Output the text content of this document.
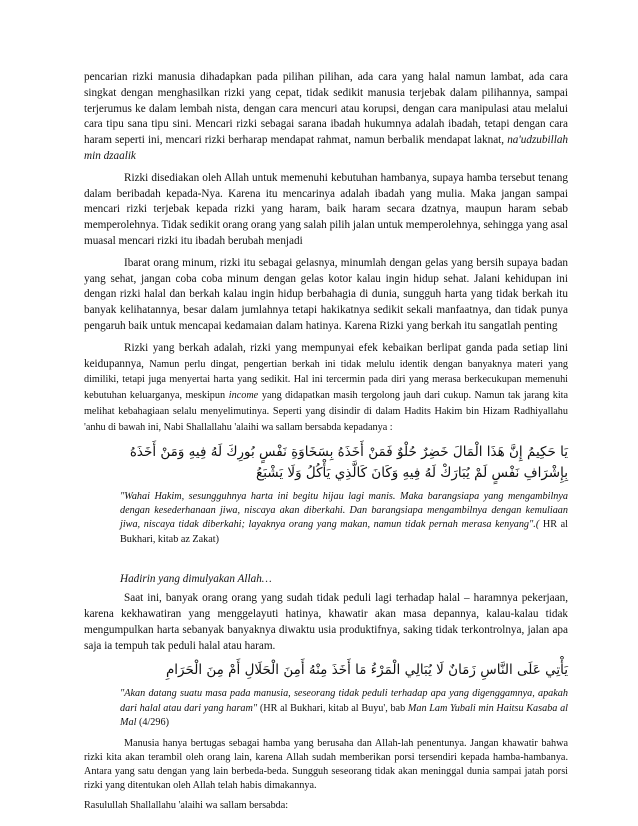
pencarian rizki manusia dihadapkan pada pilihan pilihan, ada cara yang halal namun lambat, ada cara singkat dengan menghasilkan rizki yang cepat, tidak sedikit manusia terjebak dalam pilihannya, sampai terjerumus ke dalam lembah nista, dengan cara mencuri atau korupsi, dengan cara manipulasi atau melalui cara tipu sana tipu sini. Mencari rizki sebagai sarana ibadah hukumnya adalah ibadah, tetapi dengan cara haram seperti ini, mencari rizki berharap mendapat rahmat, namun berbalik mendapat laknat, na'udzubillah min dzaalik

Rizki disediakan oleh Allah untuk memenuhi kebutuhan hambanya, supaya hamba tersebut tenang dalam beribadah kepada-Nya. Karena itu mencarinya adalah ibadah yang mulia. Maka jangan sampai mencari rizki terjebak kepada rizki yang haram, baik haram secara dzatnya, maupun haram sebab memperolehnya. Tidak sedikit orang orang yang salah pilih jalan untuk memperolehnya, sehingga yang asal muasal mencari rizki itu ibadah berubah menjadi

Ibarat orang minum, rizki itu sebagai gelasnya, minumlah dengan gelas yang bersih supaya badan yang sehat, jangan coba coba minum dengan gelas kotor kalau ingin hidup sehat. Jalani kehidupan ini dengan rizki halal dan berkah kalau ingin hidup berbahagia di dunia, sungguh harta yang tidak berkah itu banyak kelihatannya, besar dalam jumlahnya tetapi hakikatnya sedikit sekali manfaatnya, dan tidak punya pengaruh baik untuk mencapai kedamaian dalam hatinya. Karena Rizki yang berkah itu sangatlah penting

Rizki yang berkah adalah, rizki yang mempunyai efek kebaikan berlipat ganda pada setiap lini keidupannya, Namun perlu dingat, pengertian berkah ini tidak melulu identik dengan banyaknya materi yang dimiliki, tetapi juga menyertai harta yang sedikit. Hal ini tercermin pada diri yang merasa berkecukupan memenuhi kebutuhan keluarganya, meskipun income yang didapatkan masih tergolong jauh dari cukup. Namun tak jarang kita melihat kebahagiaan selalu menyelimutinya. Seperti yang disindir di dalam Hadits Hakim bin Hizam Radhiyallahu 'anhu di bawah ini, Nabi Shallallahu 'alaihi wa sallam bersabda kepadanya :

يَا حَكِيمُ إِنَّ هَذَا الْمَالَ خَضِرٌ حُلْوٌ فَمَنْ أَخَذَهُ بِسَخَاوَةِ نَفْسٍ بُورِكَ لَهُ فِيهِ وَمَنْ أَخَذَهُ بِإِشْرَافِ نَفْسٍ لَمْ يُبَارَكْ لَهُ فِيهِ وَكَانَ كَالَّذِي يَأْكُلُ وَلَا يَشْبَعُ

"Wahai Hakim, sesungguhnya harta ini begitu hijau lagi manis. Maka barangsiapa yang mengambilnya dengan kesederhanaan jiwa, niscaya akan diberkahi. Dan barangsiapa mengambilnya dengan kemuliaan jiwa, niscaya tidak diberkahi; layaknya orang yang makan, namun tidak pernah merasa kenyang".( HR al Bukhari, kitab az Zakat)

Hadirin yang dimulyakan Allah…

Saat ini, banyak orang orang yang sudah tidak peduli lagi terhadap halal – haramnya pekerjaan, karena kekhawatiran yang menggelayuti hatinya, khawatir akan masa depannya, kalau-kalau tidak mengumpulkan harta sebanyak banyaknya diwaktu usia produktifnya, saking tidak terkontrolnya, jalan apa saja ia tempuh tak peduli halal atau haram.

يَأْتِي عَلَى النَّاسِ زَمَانٌ لَا يُبَالِي الْمَرْءُ مَا أَخَذَ مِنْهُ أَمِنَ الْحَلَالِ أَمْ مِنَ الْحَرَامِ

"Akan datang suatu masa pada manusia, seseorang tidak peduli terhadap apa yang digenggamnya, apakah dari halal atau dari yang haram" (HR al Bukhari, kitab al Buyu', bab Man Lam Yubali min Haitsu Kasaba al Mal (4/296)

Manusia hanya bertugas sebagai hamba yang berusaha dan Allah-lah penentunya. Jangan khawatir bahwa rizki kita akan terambil oleh orang lain, karena Allah sudah memberikan porsi tersendiri kepada hamba-hambanya. Antara yang satu dengan yang lain berbeda-beda. Sungguh seseorang tidak akan meninggal dunia sampai jatah porsi rizki yang ditentukan oleh Allah telah habis dimakannya.

Rasulullah Shallallahu 'alaihi wa sallam bersabda:
